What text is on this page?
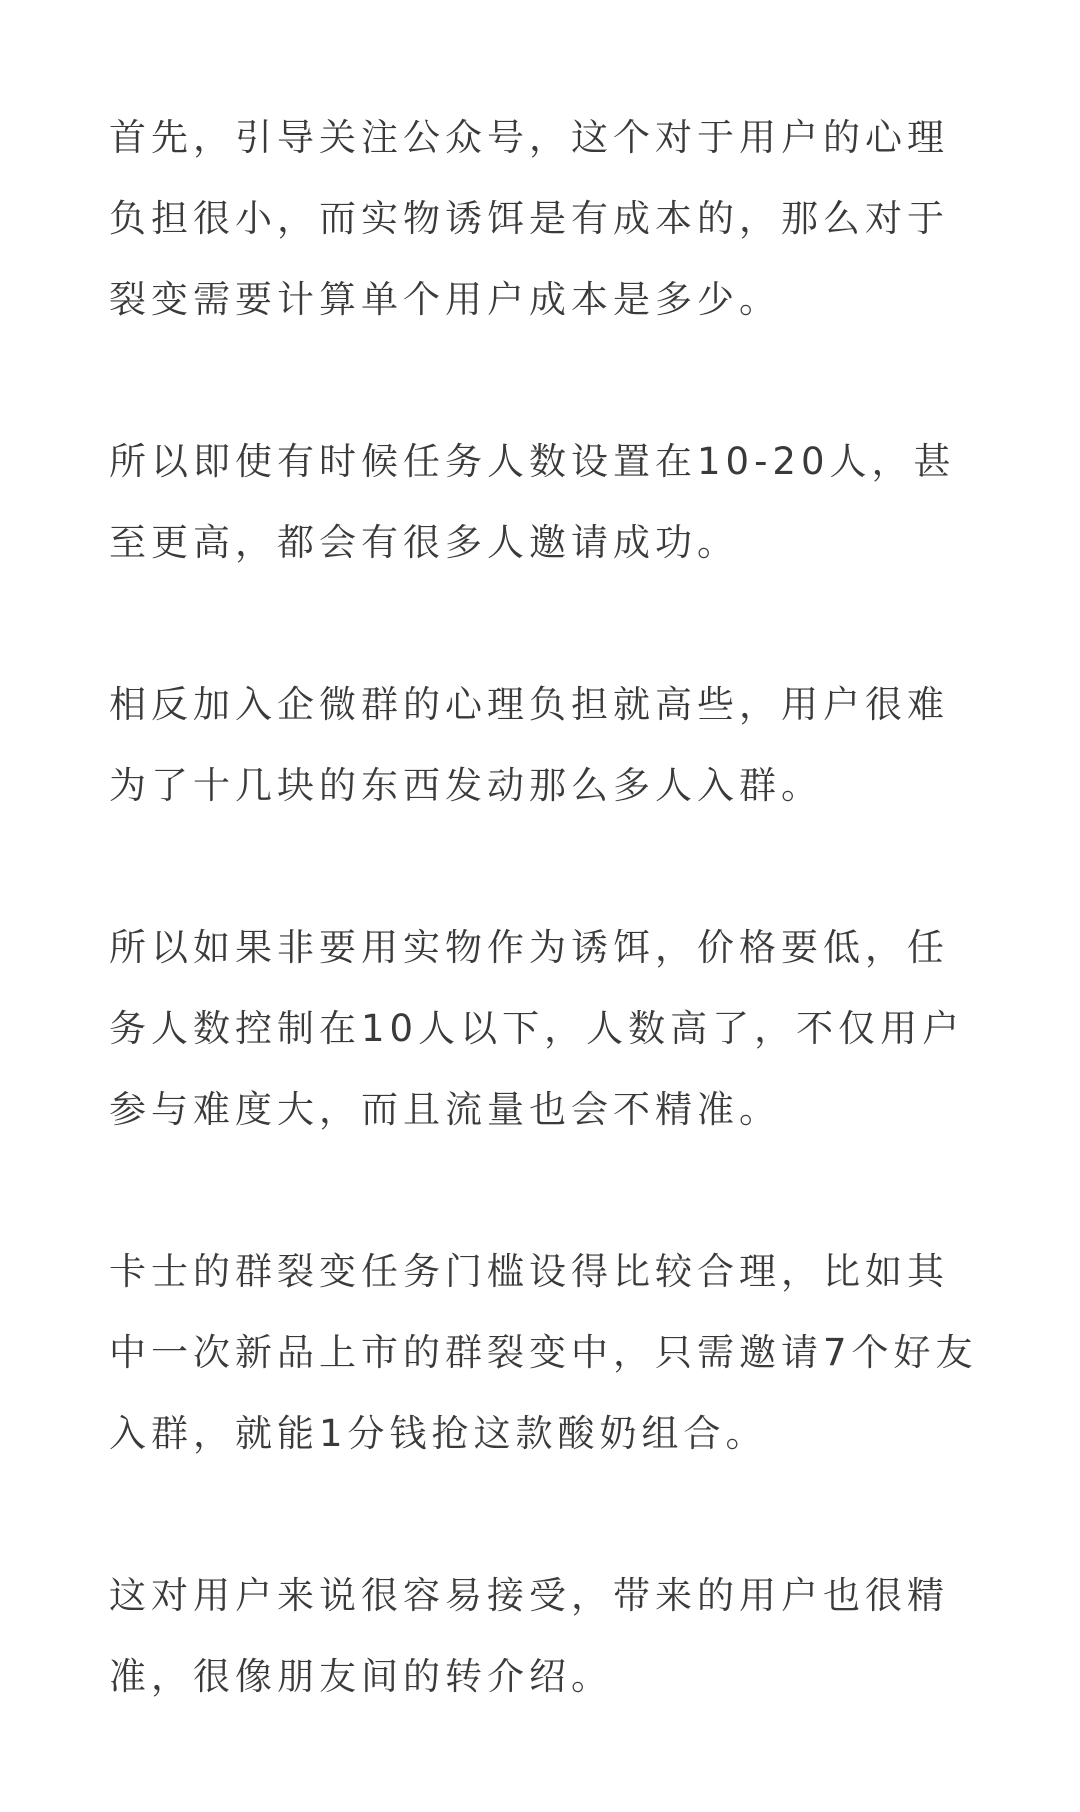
首先，引导关注公众号，这个对于用户的心理负担很小，而实物诱饵是有成本的，那么对于裂变需要计算单个用户成本是多少。

所以即使有时候任务人数设置在10-20人，甚至更高，都会有很多人邀请成功。

相反加入企微群的心理负担就高些，用户很难为了十几块的东西发动那么多人入群。

所以如果非要用实物作为诱饵，价格要低，任务人数控制在10人以下，人数高了，不仅用户参与难度大，而且流量也会不精准。

卡士的群裂变任务门槛设得比较合理，比如其中一次新品上市的群裂变中，只需邀请7个好友入群，就能1分钱抢这款酸奶组合。

这对用户来说很容易接受，带来的用户也很精准，很像朋友间的转介绍。
